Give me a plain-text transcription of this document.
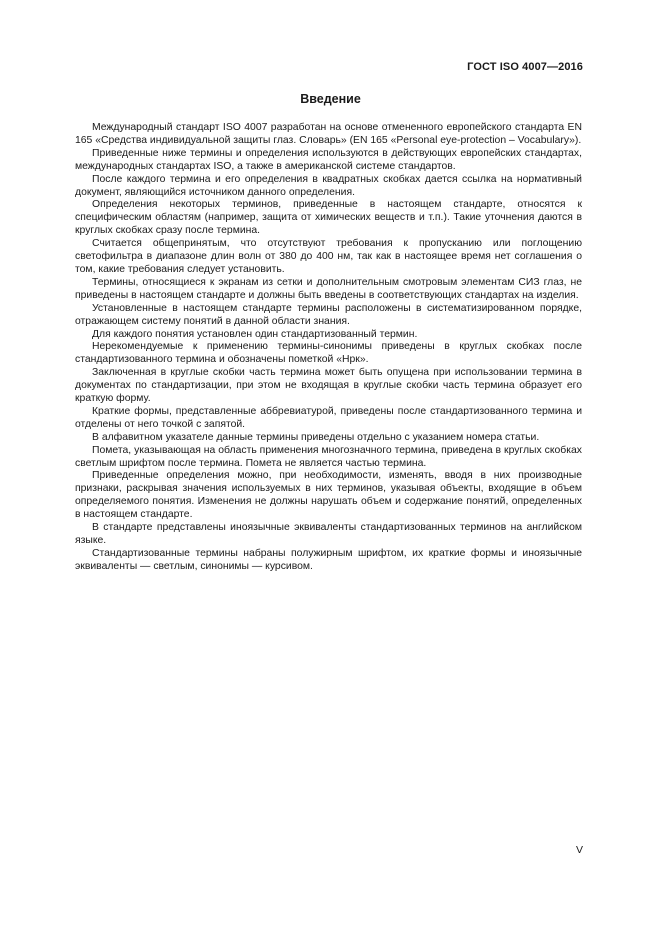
ГОСТ ISO 4007—2016
Введение

Международный стандарт ISO 4007 разработан на основе отмененного европейского стандарта EN 165 «Средства индивидуальной защиты глаз. Словарь» (EN 165 «Personal eye-protection – Vocabulary»).

Приведенные ниже термины и определения используются в действующих европейских стандартах, международных стандартах ISO, а также в американской системе стандартов.

После каждого термина и его определения в квадратных скобках дается ссылка на нормативный документ, являющийся источником данного определения.

Определения некоторых терминов, приведенные в настоящем стандарте, относятся к специфическим областям (например, защита от химических веществ и т.п.). Такие уточнения даются в круглых скобках сразу после термина.

Считается общепринятым, что отсутствуют требования к пропусканию или поглощению светофильтра в диапазоне длин волн от 380 до 400 нм, так как в настоящее время нет соглашения о том, какие требования следует установить.

Термины, относящиеся к экранам из сетки и дополнительным смотровым элементам СИЗ глаз, не приведены в настоящем стандарте и должны быть введены в соответствующих стандартах на изделия.

Установленные в настоящем стандарте термины расположены в систематизированном порядке, отражающем систему понятий в данной области знания.

Для каждого понятия установлен один стандартизованный термин.

Нерекомендуемые к применению термины-синонимы приведены в круглых скобках после стандартизованного термина и обозначены пометкой «Нрк».

Заключенная в круглые скобки часть термина может быть опущена при использовании термина в документах по стандартизации, при этом не входящая в круглые скобки часть термина образует его краткую форму.

Краткие формы, представленные аббревиатурой, приведены после стандартизованного термина и отделены от него точкой с запятой.

В алфавитном указателе данные термины приведены отдельно с указанием номера статьи.

Помета, указывающая на область применения многозначного термина, приведена в круглых скобках светлым шрифтом после термина. Помета не является частью термина.

Приведенные определения можно, при необходимости, изменять, вводя в них производные признаки, раскрывая значения используемых в них терминов, указывая объекты, входящие в объем определяемого понятия. Изменения не должны нарушать объем и содержание понятий, определенных в настоящем стандарте.

В стандарте представлены иноязычные эквиваленты стандартизованных терминов на английском языке.

Стандартизованные термины набраны полужирным шрифтом, их краткие формы и иноязычные эквиваленты — светлым, синонимы — курсивом.

V
